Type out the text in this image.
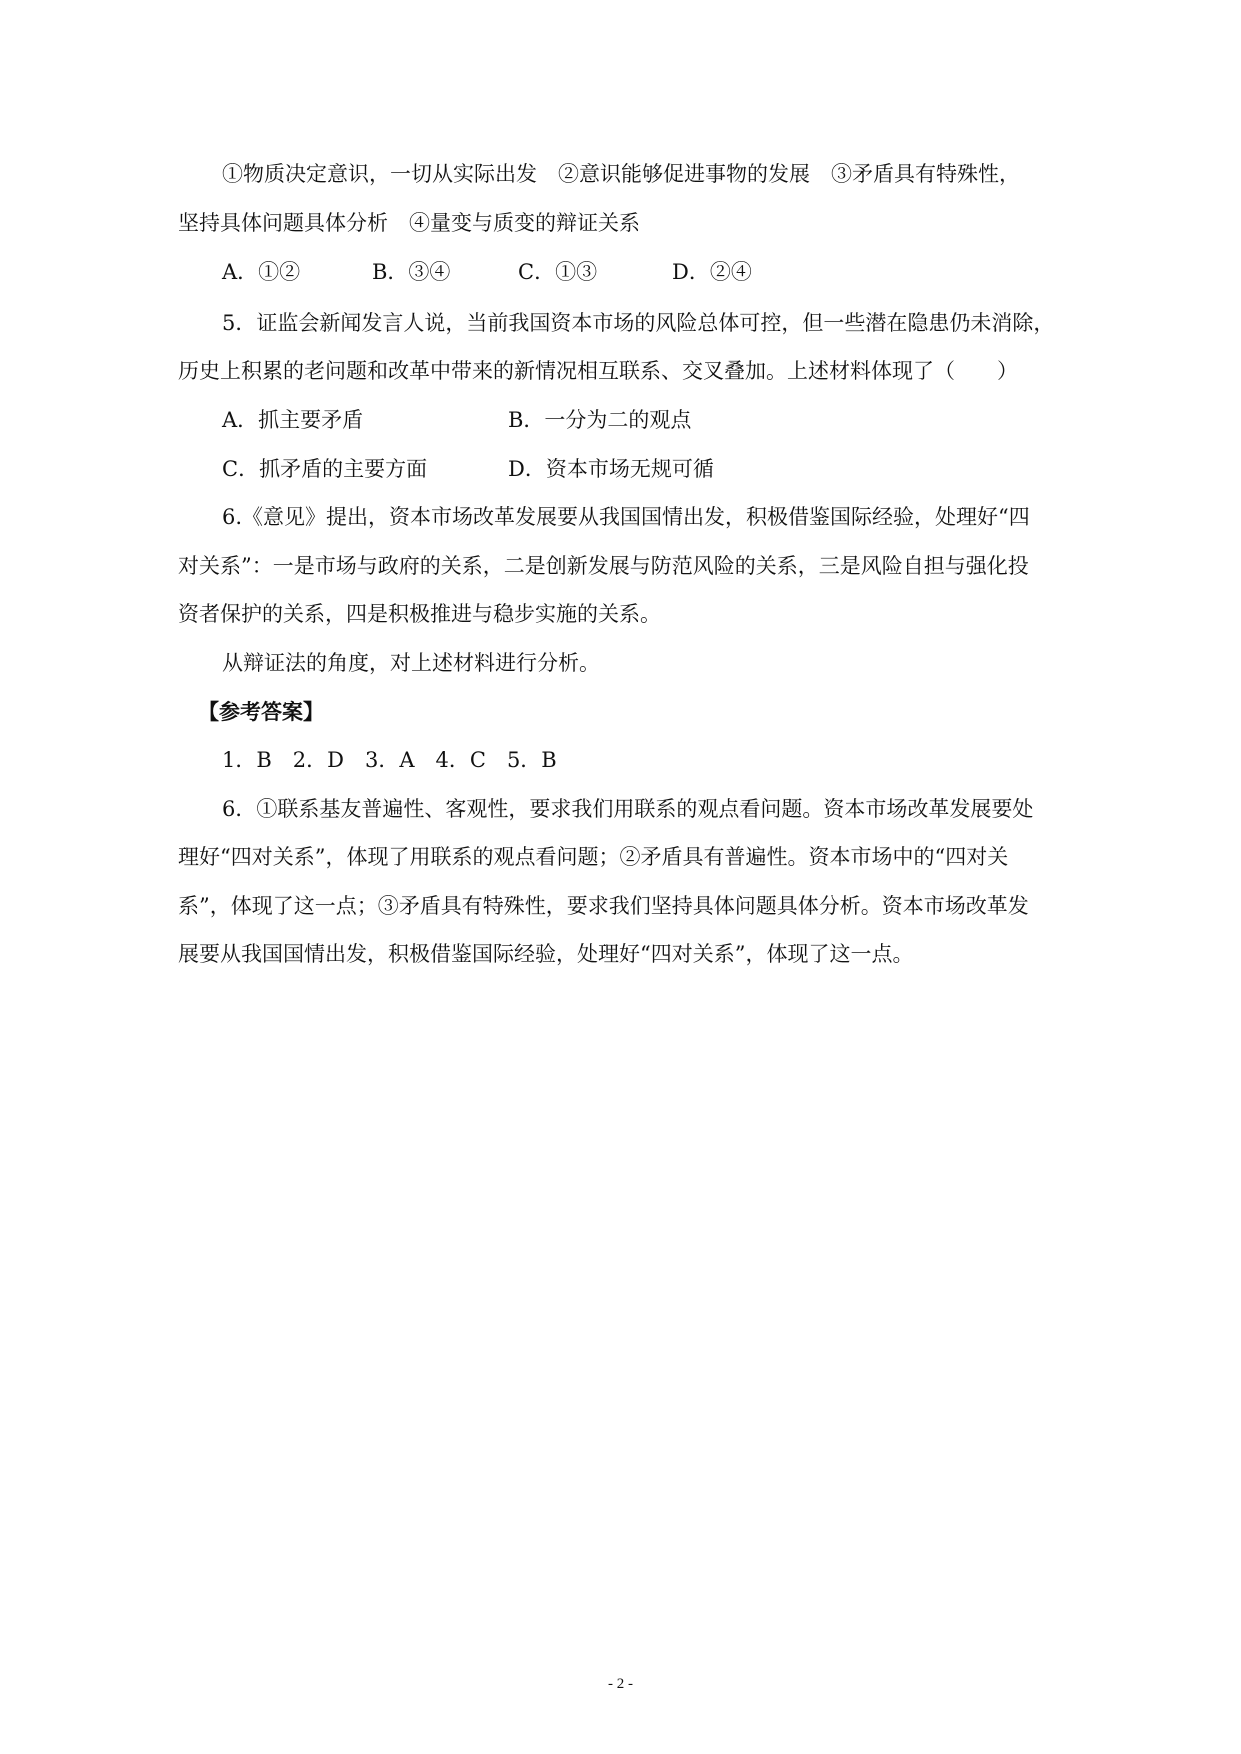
①物质决定意识，一切从实际出发　②意识能够促进事物的发展　③矛盾具有特殊性，
坚持具体问题具体分析　④量变与质变的辩证关系
A．①②	B．③④	C．①③	D．②④
5．证监会新闻发言人说，当前我国资本市场的风险总体可控，但一些潜在隐患仍未消除，
历史上积累的老问题和改革中带来的新情况相互联系、交叉叠加。上述材料体现了（　　）
A．抓主要矛盾	B．一分为二的观点
C．抓矛盾的主要方面	D．资本市场无规可循
6.《意见》提出，资本市场改革发展要从我国国情出发，积极借鉴国际经验，处理好“四
对关系”：一是市场与政府的关系，二是创新发展与防范风险的关系，三是风险自担与强化投
资者保护的关系，四是积极推进与稳步实施的关系。
从辩证法的角度，对上述材料进行分析。
【参考答案】
1．B　2．D　3．A　4．C　5．B
6．①联系基友普遍性、客观性，要求我们用联系的观点看问题。资本市场改革发展要处
理好“四对关系”，体现了用联系的观点看问题；②矛盾具有普遍性。资本市场中的“四对关
系”，体现了这一点；③矛盾具有特殊性，要求我们坚持具体问题具体分析。资本市场改革发
展要从我国国情出发，积极借鉴国际经验，处理好“四对关系”，体现了这一点。
- 2 -
